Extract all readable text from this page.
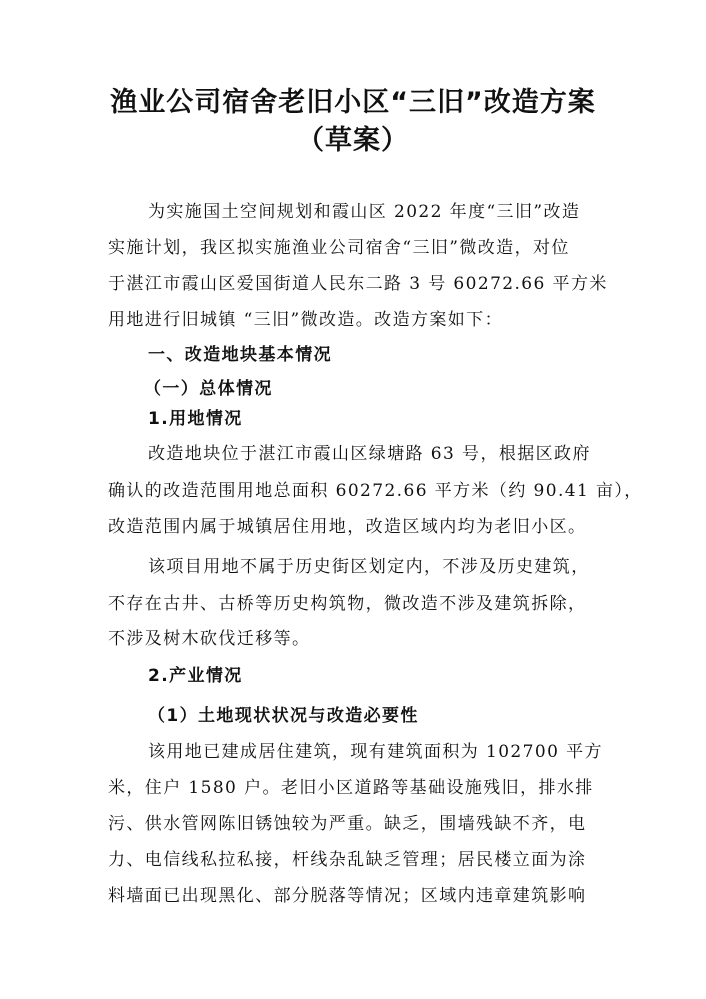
渔业公司宿舍老旧小区“三旧”改造方案
（草案）

为实施国土空间规划和霞山区 2022 年度“三旧”改造

实施计划，我区拟实施渔业公司宿舍“三旧”微改造，对位

于湛江市霞山区爱国街道人民东二路 3 号 60272.66 平方米

用地进行旧城镇 “三旧”微改造。改造方案如下：

一、改造地块基本情况

（一）总体情况

1.用地情况

改造地块位于湛江市霞山区绿塘路 63 号，根据区政府

确认的改造范围用地总面积 60272.66 平方米（约 90.41 亩），

改造范围内属于城镇居住用地，改造区域内均为老旧小区。

该项目用地不属于历史街区划定内，不涉及历史建筑，

不存在古井、古桥等历史构筑物，微改造不涉及建筑拆除，

不涉及树木砍伐迁移等。

2.产业情况

（1）土地现状状况与改造必要性

该用地已建成居住建筑，现有建筑面积为 102700 平方

米，住户 1580 户。老旧小区道路等基础设施残旧，排水排

污、供水管网陈旧锈蚀较为严重。缺乏，围墙残缺不齐，电

力、电信线私拉私接，杆线杂乱缺乏管理；居民楼立面为涂

料墙面已出现黑化、部分脱落等情况；区域内违章建筑影响
